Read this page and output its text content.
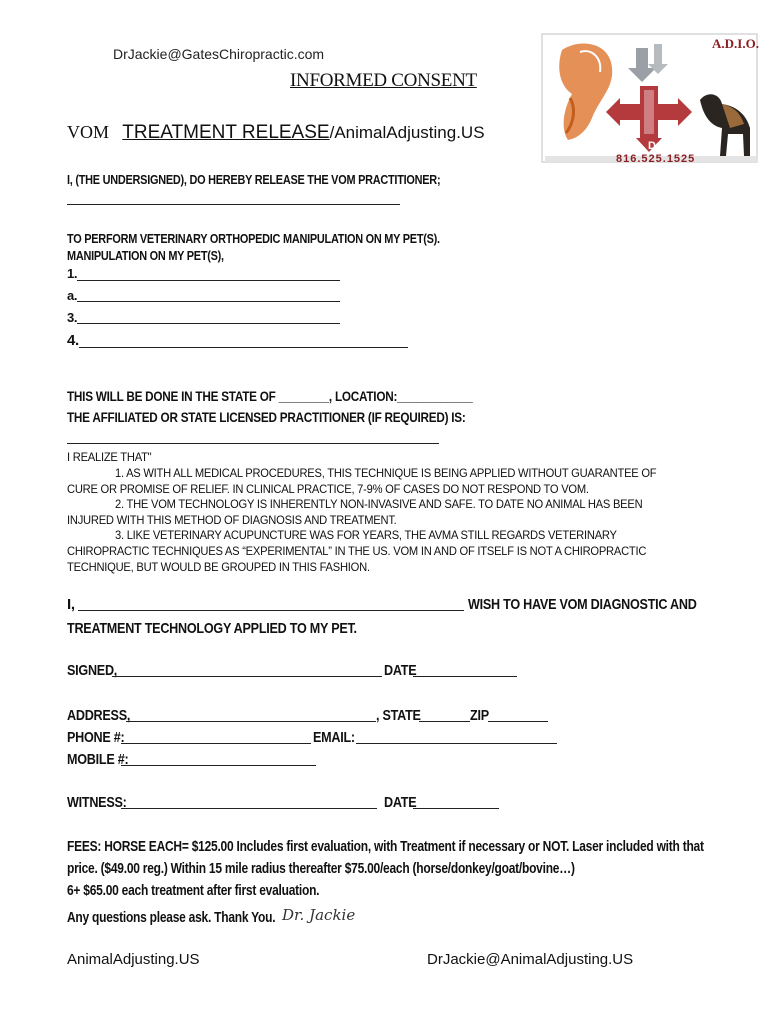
DrJackie@GatesChiropractic.com
INFORMED CONSENT
VOM TREATMENT RELEASE/AnimalAdjusting.US
A.D.I.O.
DrJackie
816.525.1525
I, (THE UNDERSIGNED), DO HEREBY RELEASE THE VOM PRACTITIONER;
TO PERFORM VETERINARY ORTHOPEDIC MANIPULATION ON MY PET(S).
MANIPULATION ON MY PET(S),
1.
a.
3.
4.
THIS WILL BE DONE IN THE STATE OF ________, LOCATION:____________
THE AFFILIATED OR STATE LICENSED PRACTITIONER (IF REQUIRED) IS:
I REALIZE THAT"
1. AS WITH ALL MEDICAL PROCEDURES, THIS TECHNIQUE IS BEING APPLIED WITHOUT GUARANTEE OF
CURE OR PROMISE OF RELIEF. IN CLINICAL PRACTICE, 7-9% OF CASES DO NOT RESPOND TO VOM.
2. THE VOM TECHNOLOGY IS INHERENTLY NON-INVASIVE AND SAFE. TO DATE NO ANIMAL HAS BEEN
INJURED WITH THIS METHOD OF DIAGNOSIS AND TREATMENT.
3. LIKE VETERINARY ACUPUNCTURE WAS FOR YEARS, THE AVMA STILL REGARDS VETERINARY
CHIROPRACTIC TECHNIQUES AS “EXPERIMENTAL” IN THE US. VOM IN AND OF ITSELF IS NOT A CHIROPRACTIC
TECHNIQUE, BUT WOULD BE GROUPED IN THIS FASHION.
I,	WISH TO HAVE VOM DIAGNOSTIC AND
TREATMENT TECHNOLOGY APPLIED TO MY PET.
SIGNED,	DATE
ADDRESS,	, STATE	ZIP
PHONE #:	EMAIL:
MOBILE #:
WITNESS:	DATE
FEES: HORSE EACH= $125.00 Includes first evaluation, with Treatment if necessary or NOT. Laser included with that
price. ($49.00 reg.) Within 15 mile radius thereafter $75.00/each (horse/donkey/goat/bovine…)
6+ $65.00 each treatment after first evaluation.
Any questions please ask. Thank You. Dr. Jackie
AnimalAdjusting.US	DrJackie@AnimalAdjusting.US
